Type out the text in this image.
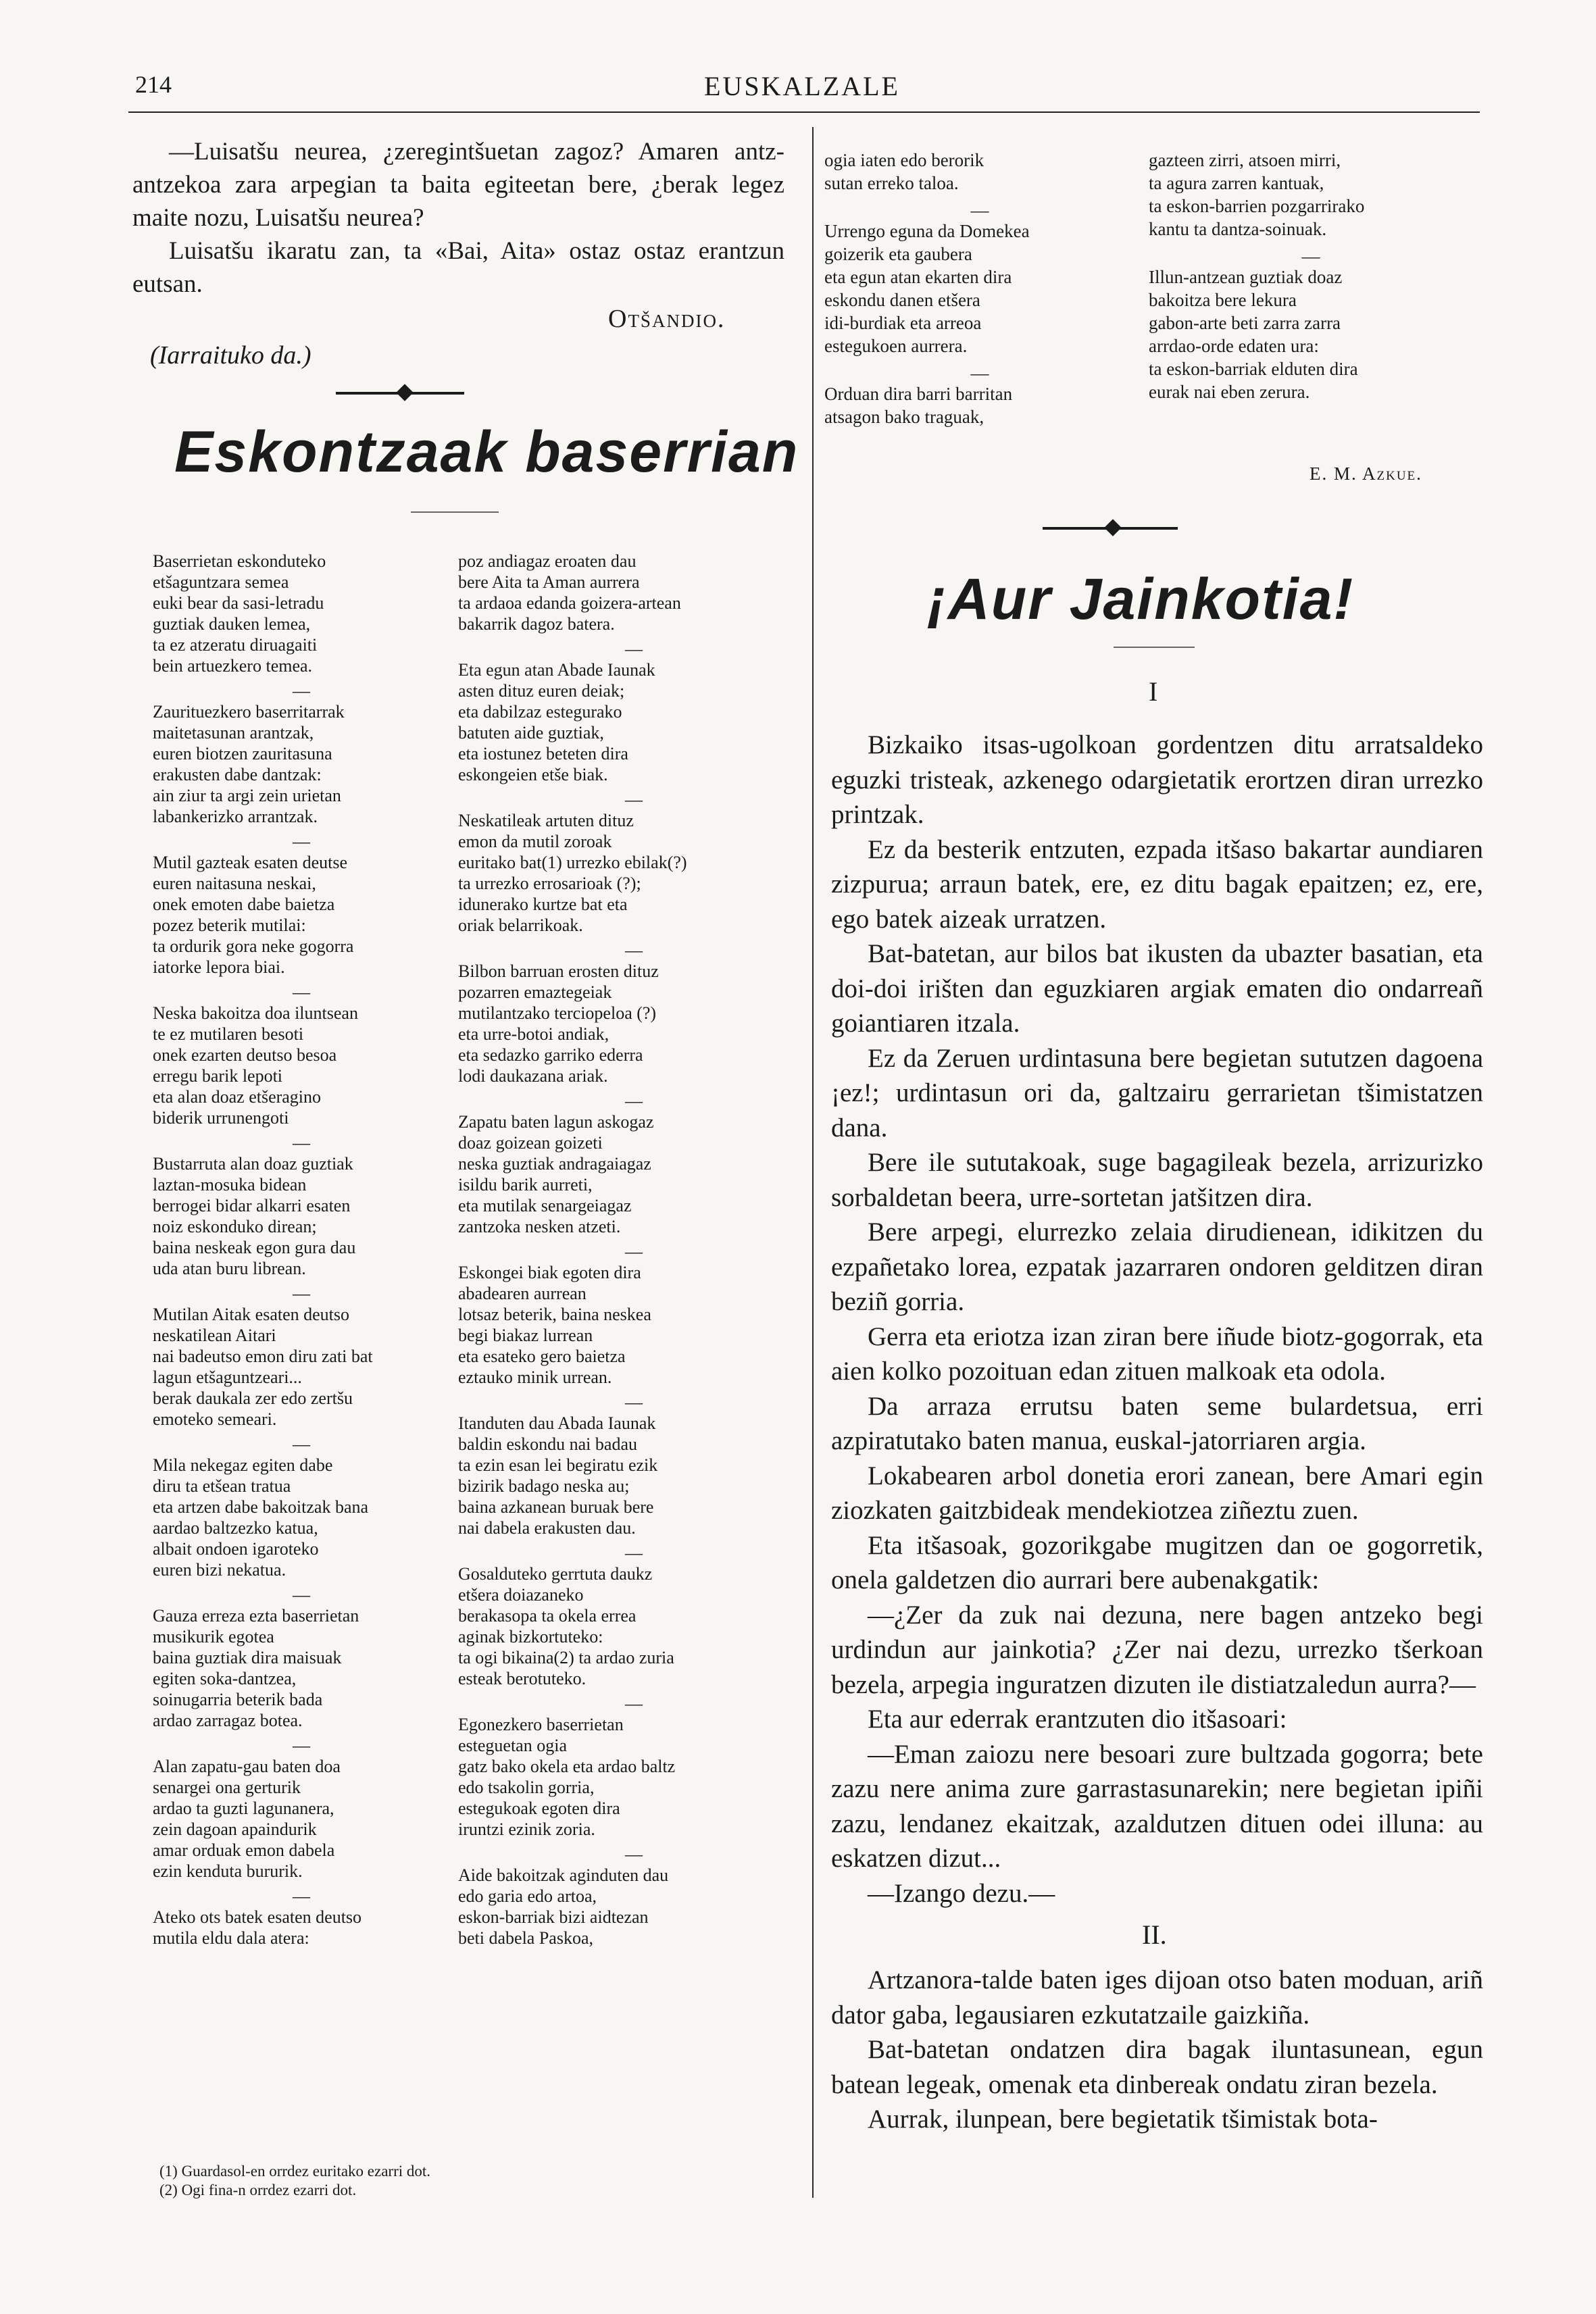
214	EUSKALZALE

—Luisatšu neurea, ¿zeregintšuetan zagoz? Amaren antz-antzekoa zara arpegian ta baita egiteetan bere, ¿berak legez maite nozu, Luisatšu neurea?

Luisatšu ikaratu zan, ta «Bai, Aita» ostaz ostaz erantzun eutsan.

Otšandio.
(Iarraituko da.)
Eskontzaak baserrian
Baserrietan eskonduteko
etšaguntzara semea
euki bear da sasi-letradu
guztiak dauken lemea,
ta ez atzeratu diruagaiti
bein artuezkero temea.
—
Zaurituezkero baserritarrak
maitetasunan arantzak,
euren biotzen zauritasuna
erakusten dabe dantzak:
ain ziur ta argi zein urietan
labankerizko arrantzak.
—
Mutil gazteak esaten deutse
euren naitasuna neskai,
onek emoten dabe baietza
pozez beterik mutilai:
ta ordurik gora neke gogorra
iatorke lepora biai.
—
Neska bakoitza doa iluntsean
te ez mutilaren besoti
onek ezarten deutso besoa
erregu barik lepoti
eta alan doaz etšeragino
biderik urrunengoti
—
Bustarruta alan doaz guztiak
laztan-mosuka bidean
berrogei bidar alkarri esaten
noiz eskonduko direan;
baina neskeak egon gura dau
uda atan buru librean.
—
Mutilan Aitak esaten deutso
neskatilean Aitari
nai badeutso emon diru zati bat
lagun etšaguntzeari...
berak daukala zer edo zertšu
emoteko semeari.
—
Mila nekegaz egiten dabe
diru ta etšean tratua
eta artzen dabe bakoitzak bana
aardao baltzezko katua,
albait ondoen igaroteko
euren bizi nekatua.
—
Gauza erreza ezta baserrietan
musikurik egotea
baina guztiak dira maisuak
egiten soka-dantzea,
soinugarria beterik bada
ardao zarragaz botea.
—
Alan zapatu-gau baten doa
senargei ona gerturik
ardao ta guzti lagunanera,
zein dagoan apaindurik
amar orduak emon dabela
ezin kenduta bururik.
—
Ateko ots batek esaten deutso
mutila eldu dala atera:
poz andiagaz eroaten dau
bere Aita ta Aman aurrera
ta ardaoa edanda goizera-artean
bakarrik dagoz batera.
—
Eta egun atan Abade Iaunak
asten dituz euren deiak;
eta dabilzaz estegurako
batuten aide guztiak,
eta iostunez beteten dira
eskongeien etše biak.
—
Neskatileak artuten dituz
emon da mutil zoroak
euritako bat(1) urrezko ebilak(?)
ta urrezko errosarioak (?);
idunerako kurtze bat eta
oriak belarrikoak.
—
Bilbon barruan erosten dituz
pozarren emaztegeiak
mutilantzako terciopeloa (?)
eta urre-botoi andiak,
eta sedazko garriko ederra
lodi daukazana ariak.
—
Zapatu baten lagun askogaz
doaz goizean goizeti
neska guztiak andragaiagaz
isildu barik aurreti,
eta mutilak senargeiagaz
zantzoka nesken atzeti.
—
Eskongei biak egoten dira
abadearen aurrean
lotsaz beterik, baina neskea
begi biakaz lurrean
eta esateko gero baietza
eztauko minik urrean.
—
Itanduten dau Abada Iaunak
baldin eskondu nai badau
ta ezin esan lei begiratu ezik
bizirik badago neska au;
baina azkanean buruak bere
nai dabela erakusten dau.
—
Gosalduteko gerrtuta daukz
etšera doiazaneko
berakasopa ta okela errea
aginak bizkortuteko:
ta ogi bikaina(2) ta ardao zuria
esteak berotuteko.
—
Egonezkero baserrietan
esteguetan ogia
gatz bako okela eta ardao baltz
edo tsakolin gorria,
estegukoak egoten dira
iruntzi ezinik zoria.
—
Aide bakoitzak aginduten dau
edo garia edo artoa,
eskon-barriak bizi aidtezan
beti dabela Paskoa,
(1) Guardasol-en orrdez euritako ezarri dot.
(2) Ogi fina-n orrdez ezarri dot.
ogia iaten edo berorik
sutan erreko taloa.
—
Urrengo eguna da Domekea
goizerik eta gaubera
eta egun atan ekarten dira
eskondu danen etšera
idi-burdiak eta arreoa
estegukoen aurrera.
—
Orduan dira barri barritan
atsagon bako traguak,
gazteen zirri, atsoen mirri,
ta agura zarren kantuak,
ta eskon-barrien pozgarrirako
kantu ta dantza-soinuak.
—
Illun-antzean guztiak doaz
bakoitza bere lekura
gabon-arte beti zarra zarra
arrdao-orde edaten ura:
ta eskon-barriak elduten dira
eurak nai eben zerura.
E. M. Azkue.
¡Aur Jainkotia!
I

Bizkaiko itsas-ugolkoan gordentzen ditu arratsaldeko eguzki tristeak, azkenego odargietatik erortzen diran urrezko printzak.

Ez da besterik entzuten, ezpada itšaso bakartar aundiaren zizpurua; arraun batek, ere, ez ditu bagak epaitzen; ez, ere, ego batek aizeak urratzen.

Bat-batetan, aur bilos bat ikusten da ubazter basatian, eta doi-doi irišten dan eguzkiaren argiak ematen dio ondarreañ goiantiaren itzala.

Ez da Zeruen urdintasuna bere begietan sututzen dagoena ¡ez!; urdintasun ori da, galtzairu gerrarietan tšimistatzen dana.

Bere ile sututakoak, suge bagagileak bezela, arrizurizko sorbaldetan beera, urre-sortetan jatšitzen dira.

Bere arpegi, elurrezko zelaia dirudienean, idikitzen du ezpañetako lorea, ezpatak jazarraren ondoren gelditzen diran beziñ gorria.

Gerra eta eriotza izan ziran bere iñude biotz-gogorrak, eta aien kolko pozoituan edan zituen malkoak eta odola.

Da arraza errutsu baten seme bulardetsua, erri azpiratutako baten manua, euskal-jatorriaren argia.

Lokabearen arbol donetia erori zanean, bere Amari egin ziozkaten gaitzbideak mendekiotzea ziñeztu zuen.

Eta itšasoak, gozorikgabe mugitzen dan oe gogorretik, onela galdetzen dio aurrari bere aubenakgatik:

—¿Zer da zuk nai dezuna, nere bagen antzeko begi urdindun aur jainkotia? ¿Zer nai dezu, urrezko tšerkoan bezela, arpegia inguratzen dizuten ile distiatzaledun aurra?—

Eta aur ederrak erantzuten dio itšasoari:

—Eman zaiozu nere besoari zure bultzada gogorra; bete zazu nere anima zure garrastasunarekin; nere begietan ipiñi zazu, lendanez ekaitzak, azaldutzen dituen odei illuna: au eskatzen dizut...

—Izango dezu.—

II.

Artzanora-talde baten iges dijoan otso baten moduan, ariñ dator gaba, legausiaren ezkutatzaile gaizkiña.

Bat-batetan ondatzen dira bagak iluntasunean, egun batean legeak, omenak eta dinbereak ondatu ziran bezela.

Aurrak, ilunpean, bere begietatik tšimistak bota-
